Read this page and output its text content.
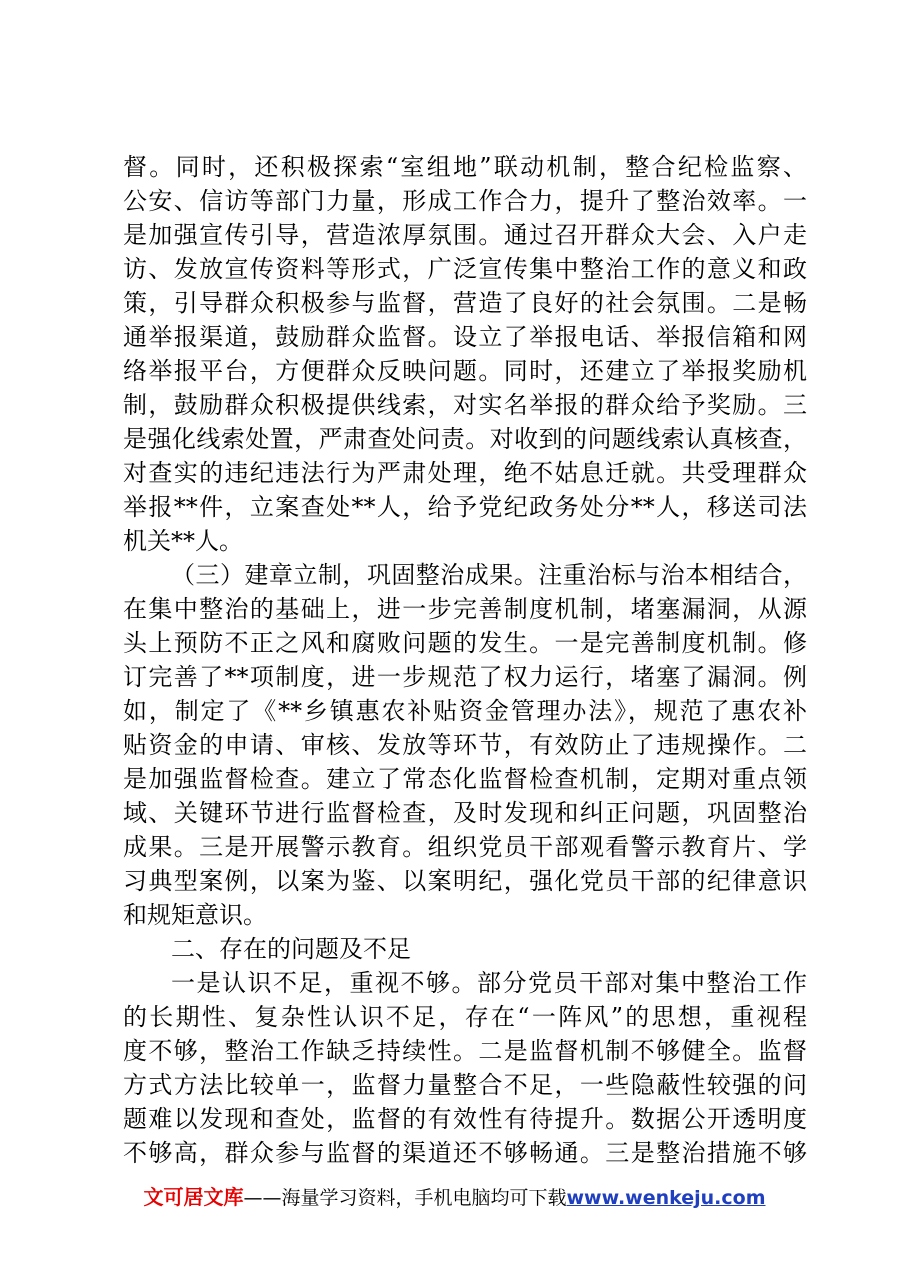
督。同时，还积极探索“室组地”联动机制，整合纪检监察、
公安、信访等部门力量，形成工作合力，提升了整治效率。一
是加强宣传引导，营造浓厚氛围。通过召开群众大会、入户走
访、发放宣传资料等形式，广泛宣传集中整治工作的意义和政
策，引导群众积极参与监督，营造了良好的社会氛围。二是畅
通举报渠道，鼓励群众监督。设立了举报电话、举报信箱和网
络举报平台，方便群众反映问题。同时，还建立了举报奖励机
制，鼓励群众积极提供线索，对实名举报的群众给予奖励。三
是强化线索处置，严肃查处问责。对收到的问题线索认真核查，
对查实的违纪违法行为严肃处理，绝不姑息迁就。共受理群众
举报**件，立案查处**人，给予党纪政务处分**人，移送司法
机关**人。
（三）建章立制，巩固整治成果。注重治标与治本相结合，
在集中整治的基础上，进一步完善制度机制，堵塞漏洞，从源
头上预防不正之风和腐败问题的发生。一是完善制度机制。修
订完善了**项制度，进一步规范了权力运行，堵塞了漏洞。例
如，制定了《**乡镇惠农补贴资金管理办法》，规范了惠农补
贴资金的申请、审核、发放等环节，有效防止了违规操作。二
是加强监督检查。建立了常态化监督检查机制，定期对重点领
域、关键环节进行监督检查，及时发现和纠正问题，巩固整治
成果。三是开展警示教育。组织党员干部观看警示教育片、学
习典型案例，以案为鉴、以案明纪，强化党员干部的纪律意识
和规矩意识。
二、存在的问题及不足
一是认识不足，重视不够。部分党员干部对集中整治工作
的长期性、复杂性认识不足，存在“一阵风”的思想，重视程
度不够，整治工作缺乏持续性。二是监督机制不够健全。监督
方式方法比较单一，监督力量整合不足，一些隐蔽性较强的问
题难以发现和查处，监督的有效性有待提升。数据公开透明度
不够高，群众参与监督的渠道还不够畅通。三是整治措施不够
文可居文库——海量学习资料，手机电脑均可下载www.wenkeju.com
